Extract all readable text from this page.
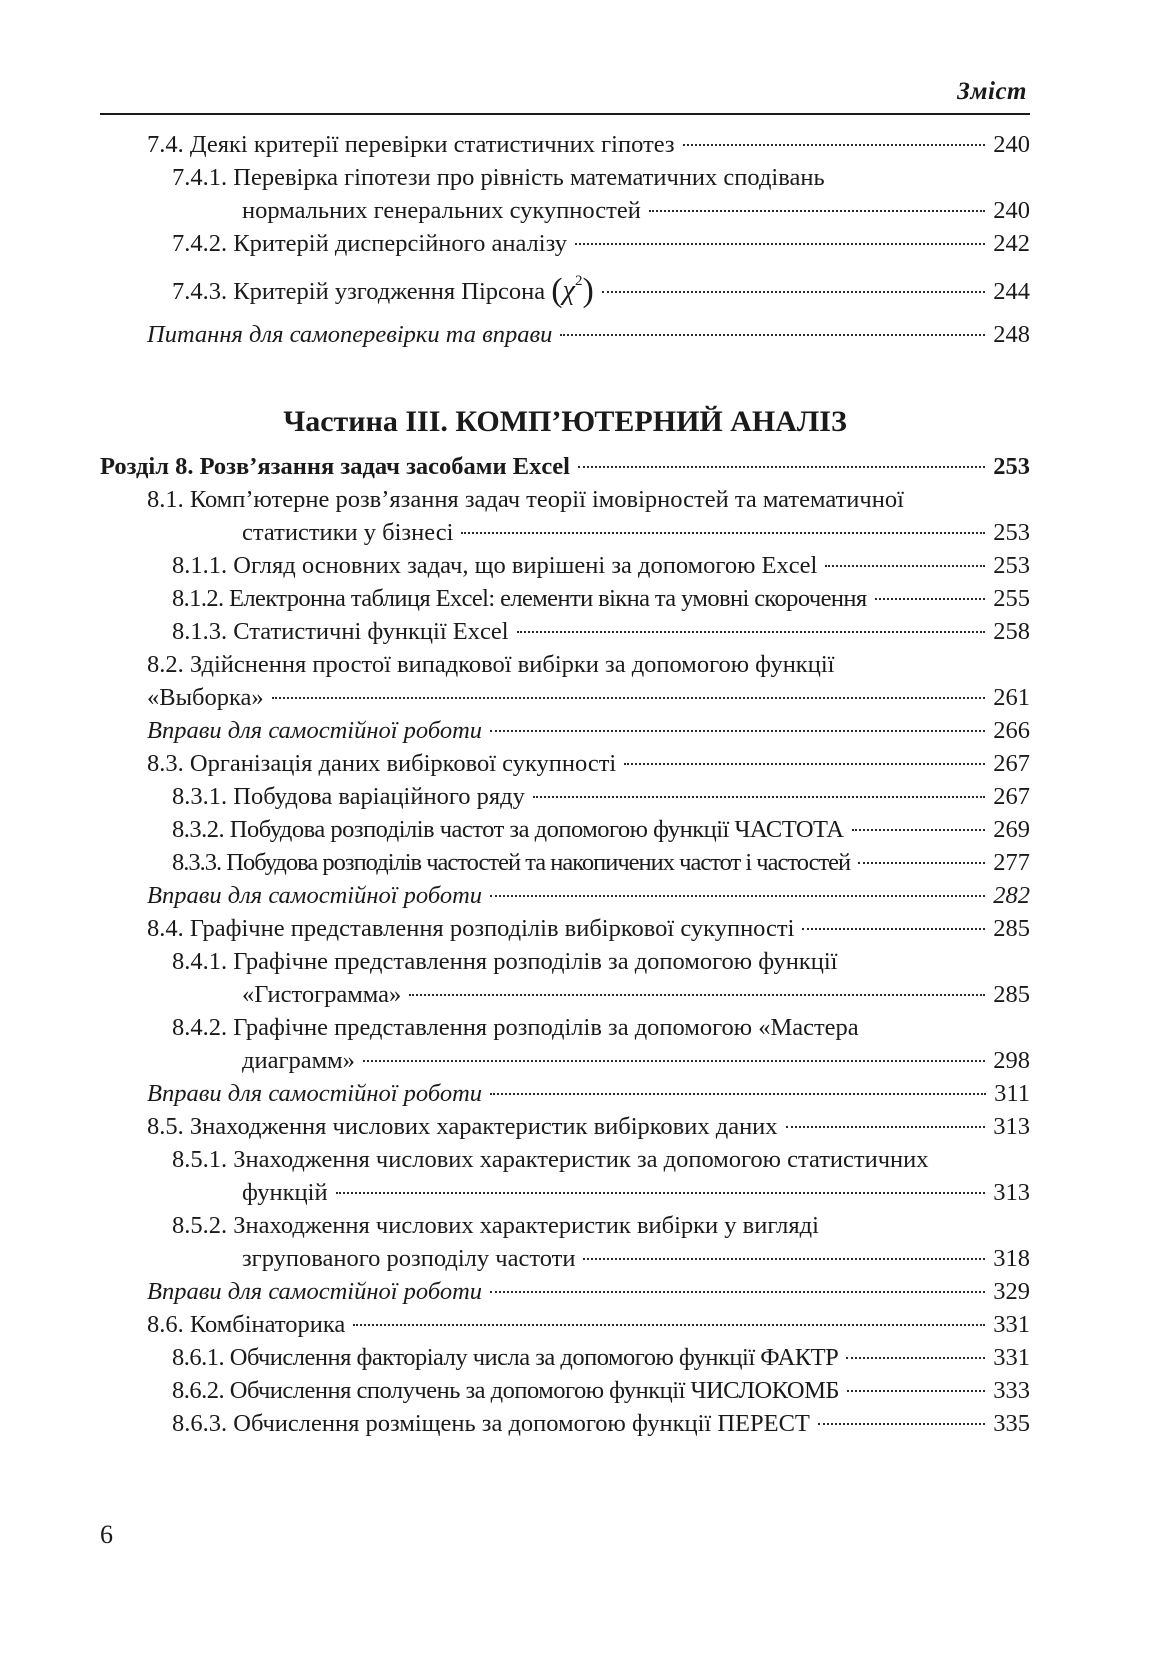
Зміст
7.4. Деякі критерії перевірки статистичних гіпотез	240
7.4.1. Перевірка гіпотези про рівність математичних сподівань
нормальних генеральних сукупностей	240
7.4.2. Критерій дисперсійного аналізу	242
7.4.3. Критерій узгодження Пірсона $(\chi^2)$	244
Питання для самоперевірки та вправи	248
Частина ІІІ. КОМП’ЮТЕРНИЙ АНАЛІЗ
Розділ 8. Розв’язання задач засобами Excel	253
8.1. Комп’ютерне розв’язання задач теорії імовірностей та математичної
статистики у бізнесі	253
8.1.1. Огляд основних задач, що вирішені за допомогою Excel	253
8.1.2. Електронна таблиця Excel: елементи вікна та умовні скорочення	255
8.1.3. Статистичні функції Excel	258
8.2. Здійснення простої випадкової вибірки за допомогою функції
«Выборка»	261
Вправи для самостійної роботи	266
8.3. Організація даних вибіркової сукупності	267
8.3.1. Побудова варіаційного ряду	267
8.3.2. Побудова розподілів частот за допомогою функції ЧАСТОТА	269
8.3.3. Побудова розподілів частостей та накопичених частот і частостей	277
Вправи для самостійної роботи	282
8.4. Графічне представлення розподілів вибіркової сукупності	285
8.4.1. Графічне представлення розподілів за допомогою функції
«Гистограмма»	285
8.4.2. Графічне представлення розподілів за допомогою «Мастера
диаграмм»	298
Вправи для самостійної роботи	311
8.5. Знаходження числових характеристик вибіркових даних	313
8.5.1. Знаходження числових характеристик за допомогою статистичних
функцій	313
8.5.2. Знаходження числових характеристик вибірки у вигляді
згрупованого розподілу частоти	318
Вправи для самостійної роботи	329
8.6. Комбінаторика	331
8.6.1. Обчислення факторіалу числа за допомогою функції ФАКТР	331
8.6.2. Обчислення сполучень за допомогою функції ЧИСЛОКОМБ	333
8.6.3. Обчислення розміщень за допомогою функції ПЕРЕСТ	335
6
